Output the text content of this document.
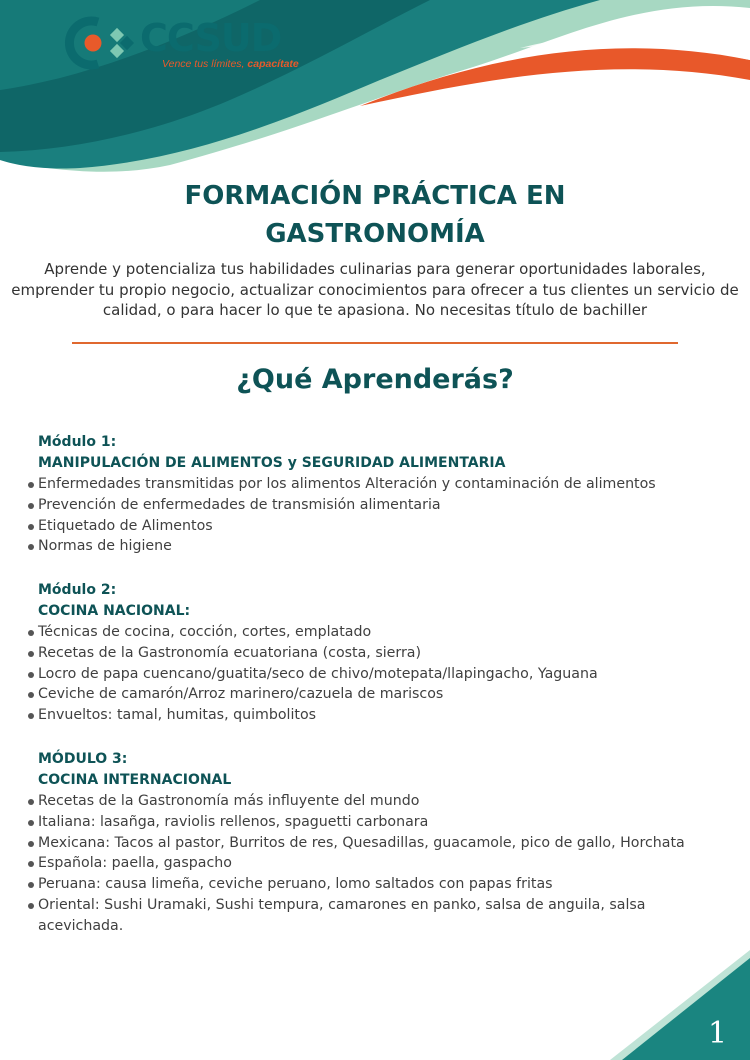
CCSUD
Vence tus límites, capacítate
FORMACIÓN PRÁCTICA EN
GASTRONOMÍA

Aprende y potencializa tus habilidades culinarias para generar oportunidades laborales, emprender tu propio negocio, actualizar conocimientos para ofrecer a tus clientes un servicio de calidad, o para hacer lo que te apasiona. No necesitas título de bachiller

¿Qué Aprenderás?

Módulo 1:

MANIPULACIÓN DE ALIMENTOS y SEGURIDAD ALIMENTARIA

Enfermedades transmitidas por los alimentos Alteración y contaminación de alimentos
Prevención de enfermedades de transmisión alimentaria
Etiquetado de Alimentos
Normas de higiene

Módulo 2:

COCINA NACIONAL:

Técnicas de cocina, cocción, cortes, emplatado
Recetas de la Gastronomía ecuatoriana (costa, sierra)
Locro de papa cuencano/guatita/seco de chivo/motepata/llapingacho, Yaguana
Ceviche de camarón/Arroz marinero/cazuela de mariscos
Envueltos: tamal, humitas, quimbolitos

MÓDULO 3:

COCINA INTERNACIONAL

Recetas de la Gastronomía más influyente del mundo
Italiana: lasañga, raviolis rellenos, spaguetti carbonara
Mexicana: Tacos al pastor, Burritos de res, Quesadillas, guacamole, pico de gallo, Horchata
Española: paella, gaspacho
Peruana: causa limeña, ceviche peruano, lomo saltados con papas fritas
Oriental: Sushi Uramaki, Sushi tempura, camarones en panko, salsa de anguila, salsa acevichada.
1
